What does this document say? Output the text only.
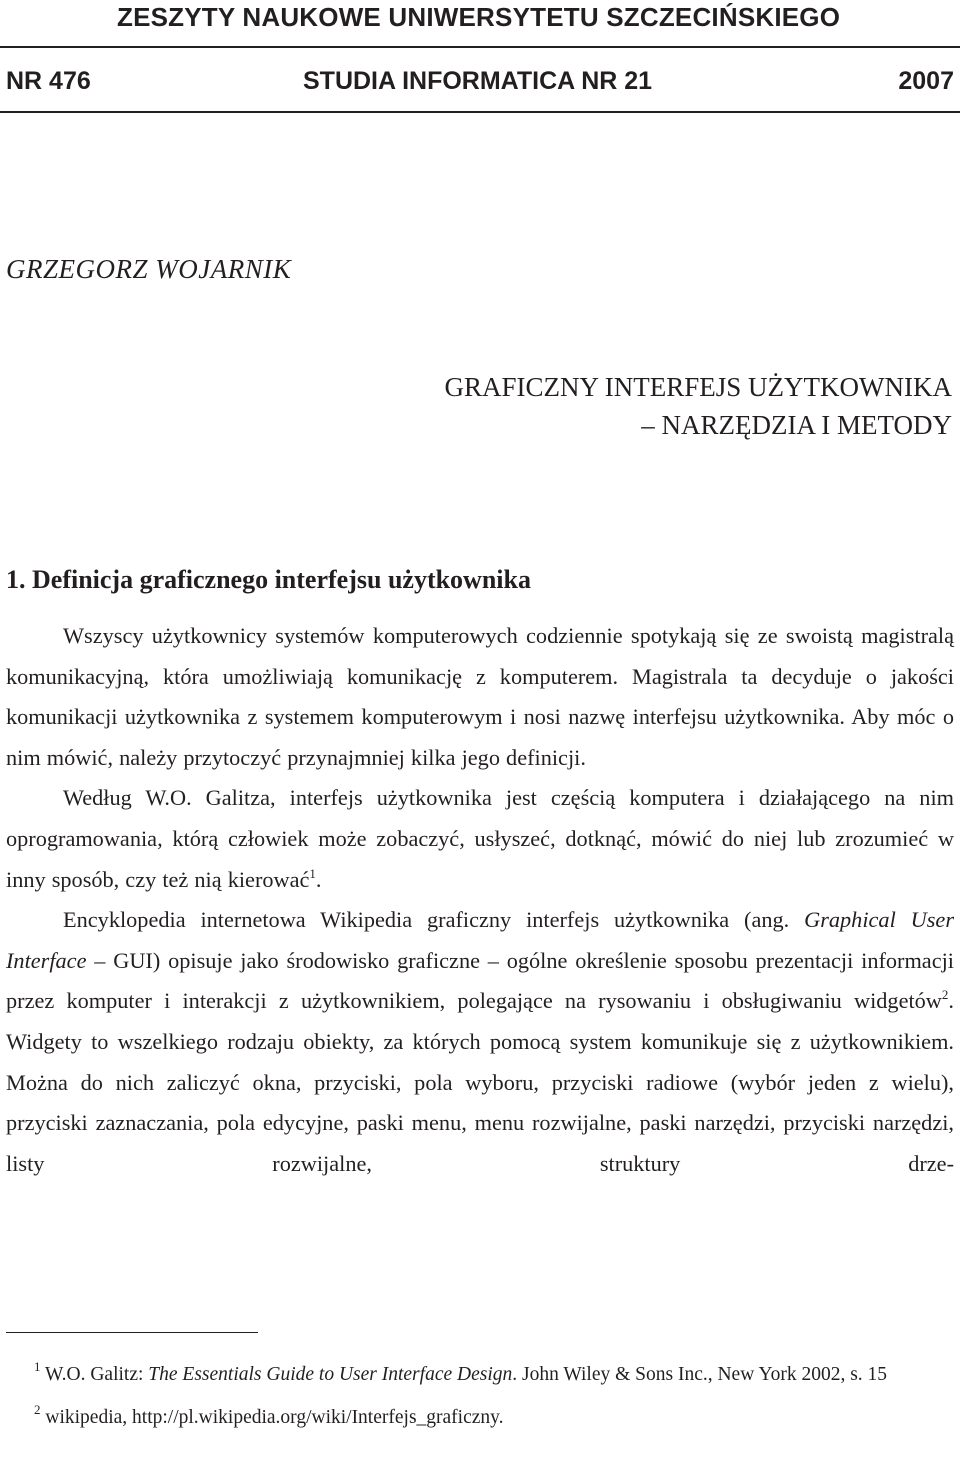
ZESZYTY NAUKOWE UNIWERSYTETU SZCZECIŃSKIEGO
NR 476	STUDIA INFORMATICA NR 21	2007
GRZEGORZ WOJARNIK
GRAFICZNY INTERFEJS UŻYTKOWNIKA
– NARZĘDZIA I METODY
1. Definicja graficznego interfejsu użytkownika

Wszyscy użytkownicy systemów komputerowych codziennie spotykają się ze swoistą magistralą komunikacyjną, która umożliwiają komunikację z komputerem. Magistrala ta decyduje o jakości komunikacji użytkownika z systemem komputerowym i nosi nazwę interfejsu użytkownika. Aby móc o nim mówić, należy przytoczyć przynajmniej kilka jego definicji.

Według W.O. Galitza, interfejs użytkownika jest częścią komputera i działającego na nim oprogramowania, którą człowiek może zobaczyć, usłyszeć, dotknąć, mówić do niej lub zrozumieć w inny sposób, czy też nią kierować$^1$.

Encyklopedia internetowa Wikipedia graficzny interfejs użytkownika (ang. Graphical User Interface – GUI) opisuje jako środowisko graficzne – ogólne określenie sposobu prezentacji informacji przez komputer i interakcji z użytkownikiem, polegające na rysowaniu i obsługiwaniu widgetów$^2$. Widgety to wszelkiego rodzaju obiekty, za których pomocą system komunikuje się z użytkownikiem. Można do nich zaliczyć okna, przyciski, pola wyboru, przyciski radiowe (wybór jeden z wielu), przyciski zaznaczania, pola edycyjne, paski menu, menu rozwijalne, paski narzędzi, przyciski narzędzi, listy rozwijalne, struktury drze-

$^1$ W.O. Galitz: The Essentials Guide to User Interface Design. John Wiley & Sons Inc., New York 2002, s. 15

$^2$ wikipedia, http://pl.wikipedia.org/wiki/Interfejs_graficzny.
